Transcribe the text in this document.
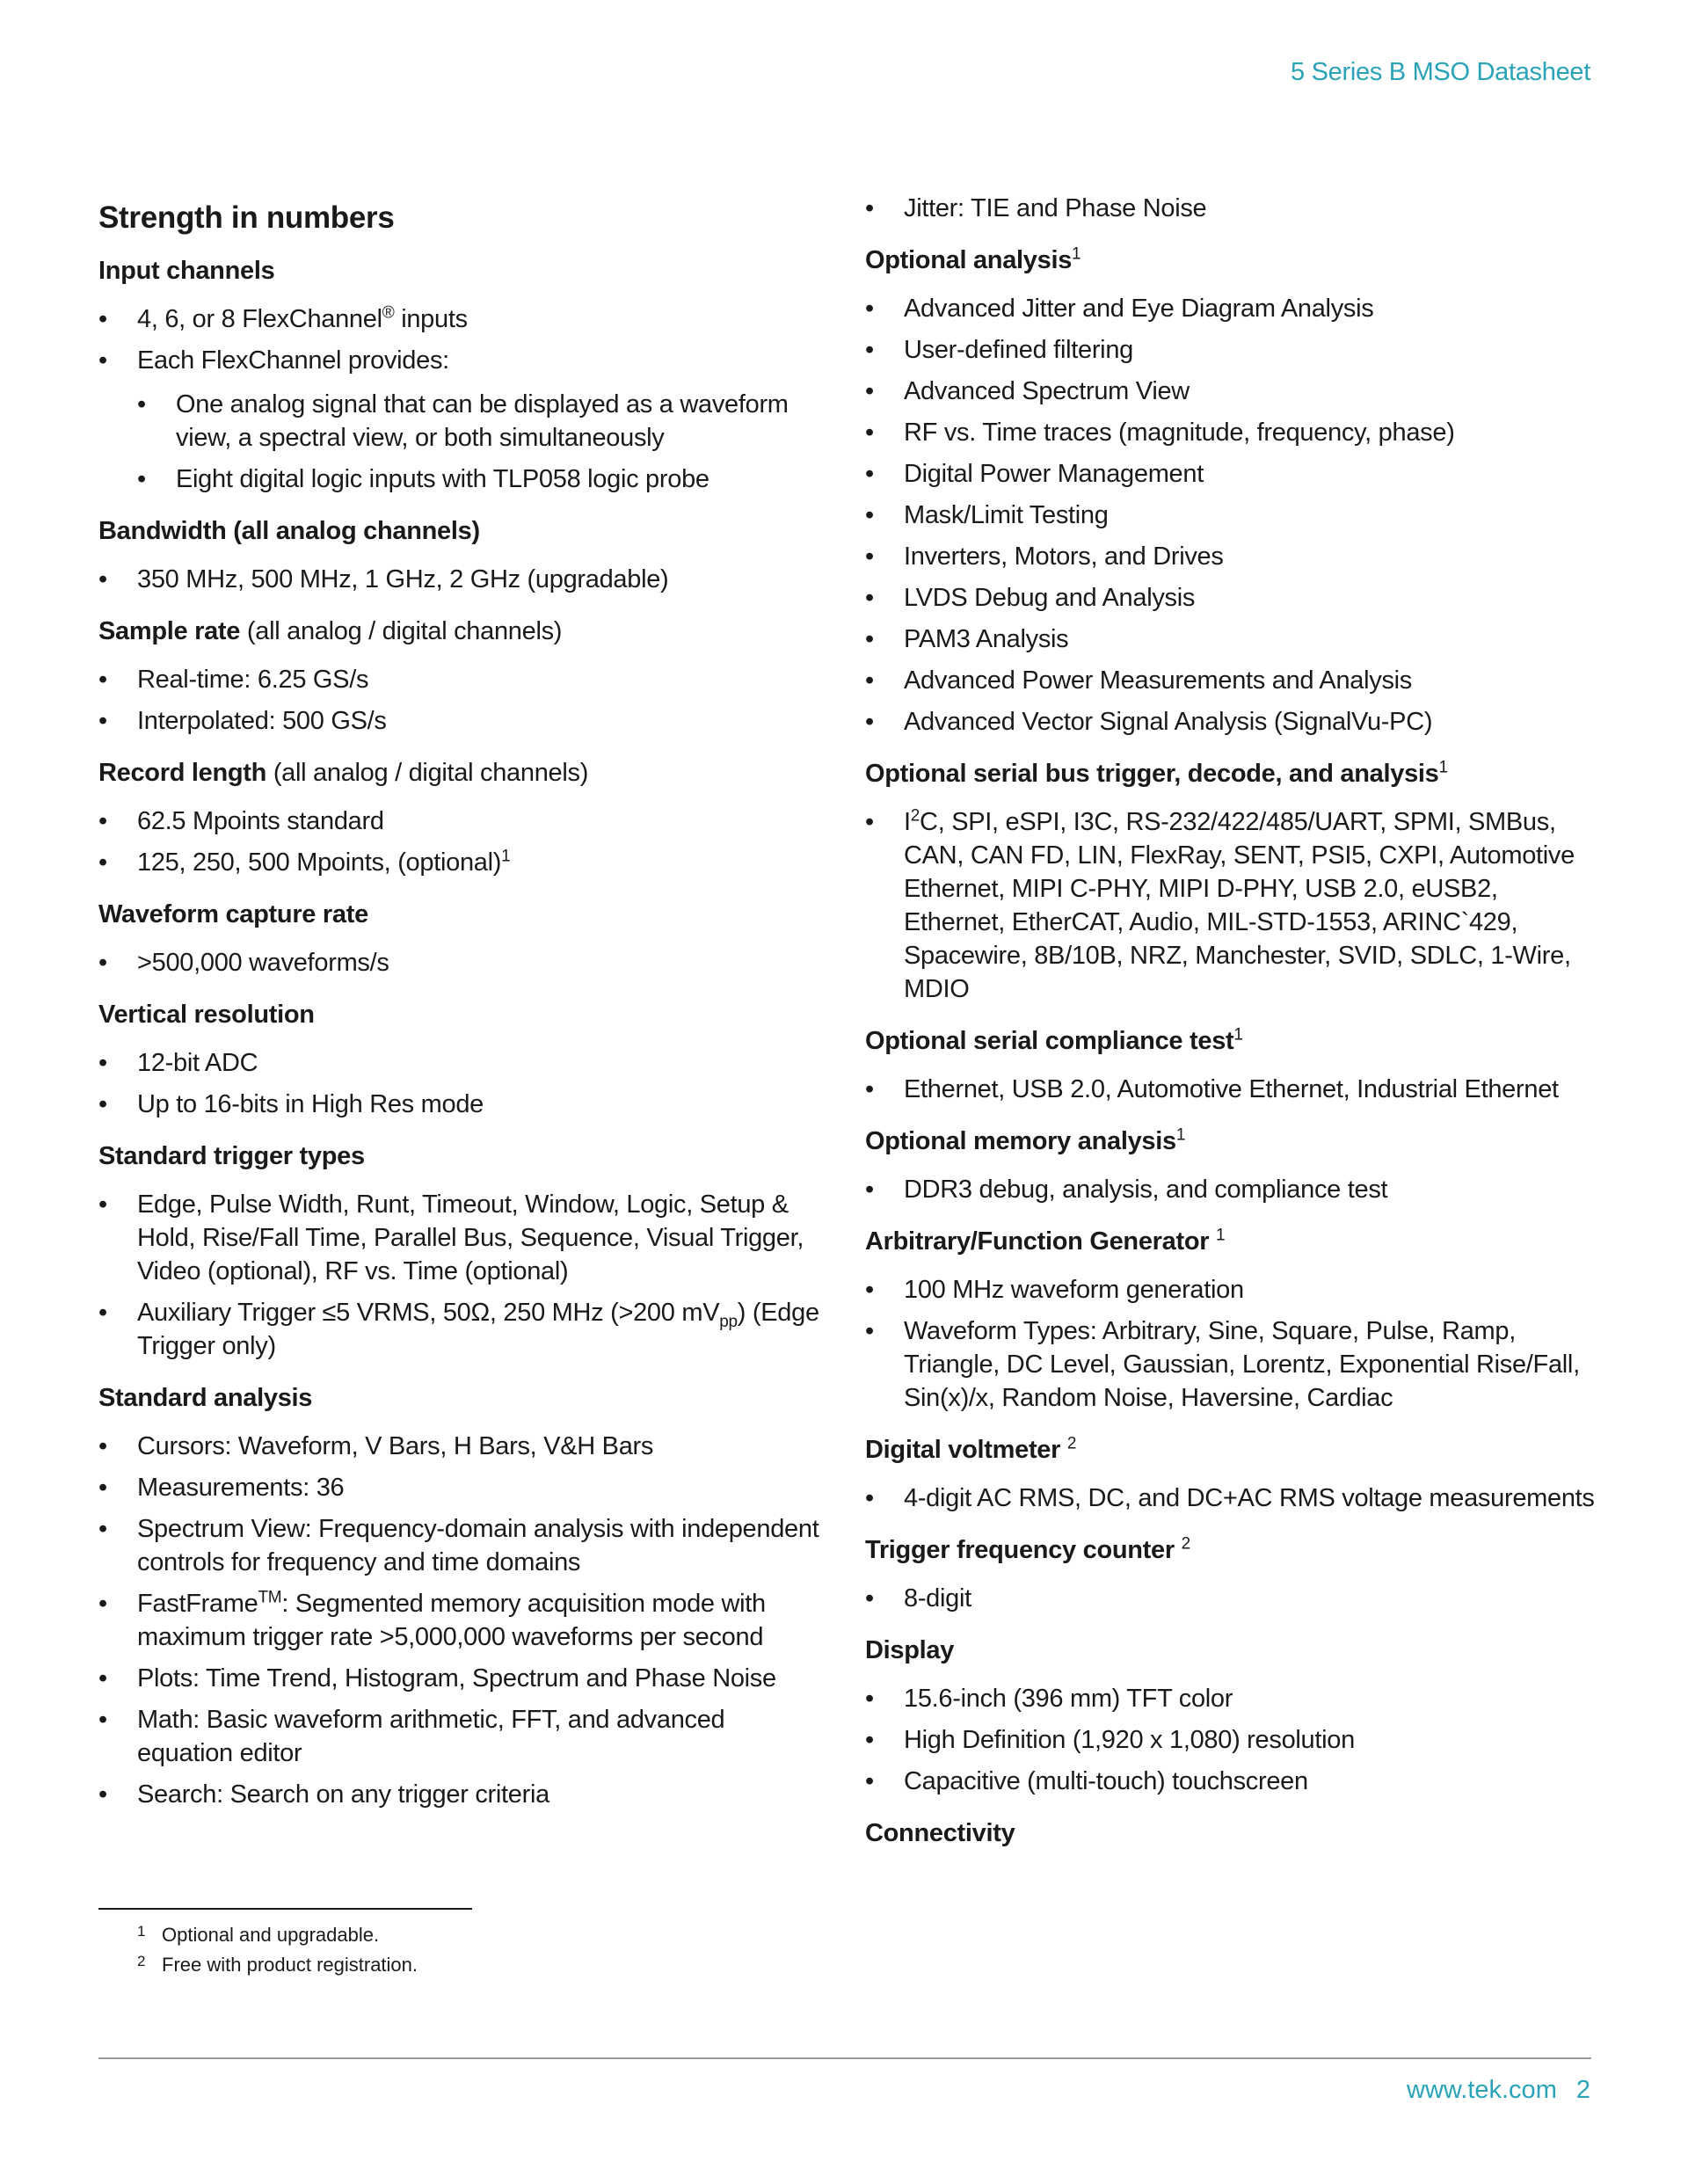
5 Series B MSO Datasheet
Strength in numbers
Input channels
• 4, 6, or 8 FlexChannel® inputs
• Each FlexChannel provides:
• One analog signal that can be displayed as a waveform view, a spectral view, or both simultaneously
• Eight digital logic inputs with TLP058 logic probe
Bandwidth (all analog channels)
• 350 MHz, 500 MHz, 1 GHz, 2 GHz (upgradable)
Sample rate (all analog / digital channels)
• Real-time: 6.25 GS/s
• Interpolated: 500 GS/s
Record length (all analog / digital channels)
• 62.5 Mpoints standard
• 125, 250, 500 Mpoints, (optional)$^1$
Waveform capture rate
• >500,000 waveforms/s
Vertical resolution
• 12-bit ADC
• Up to 16-bits in High Res mode
Standard trigger types
• Edge, Pulse Width, Runt, Timeout, Window, Logic, Setup & Hold, Rise/Fall Time, Parallel Bus, Sequence, Visual Trigger, Video (optional), RF vs. Time (optional)
• Auxiliary Trigger ≤5 VRMS, 50Ω, 250 MHz (>200 $mV_{pp}$) (Edge Trigger only)
Standard analysis
• Cursors: Waveform, V Bars, H Bars, V&H Bars
• Measurements: 36
• Spectrum View: Frequency-domain analysis with independent controls for frequency and time domains
• FastFrame™: Segmented memory acquisition mode with maximum trigger rate >5,000,000 waveforms per second
• Plots: Time Trend, Histogram, Spectrum and Phase Noise
• Math: Basic waveform arithmetic, FFT, and advanced equation editor
• Search: Search on any trigger criteria
• Jitter: TIE and Phase Noise
Optional analysis$^1$
• Advanced Jitter and Eye Diagram Analysis
• User-defined filtering
• Advanced Spectrum View
• RF vs. Time traces (magnitude, frequency, phase)
• Digital Power Management
• Mask/Limit Testing
• Inverters, Motors, and Drives
• LVDS Debug and Analysis
• PAM3 Analysis
• Advanced Power Measurements and Analysis
• Advanced Vector Signal Analysis (SignalVu-PC)
Optional serial bus trigger, decode, and analysis$^1$
• $I^2C$, SPI, eSPI, I3C, RS-232/422/485/UART, SPMI, SMBus, CAN, CAN FD, LIN, FlexRay, SENT, PSI5, CXPI, Automotive Ethernet, MIPI C-PHY, MIPI D-PHY, USB 2.0, eUSB2, Ethernet, EtherCAT, Audio, MIL-STD-1553, ARINC`429, Spacewire, 8B/10B, NRZ, Manchester, SVID, SDLC, 1-Wire, MDIO
Optional serial compliance test$^1$
• Ethernet, USB 2.0, Automotive Ethernet, Industrial Ethernet
Optional memory analysis$^1$
• DDR3 debug, analysis, and compliance test
Arbitrary/Function Generator $^1$
• 100 MHz waveform generation
• Waveform Types: Arbitrary, Sine, Square, Pulse, Ramp, Triangle, DC Level, Gaussian, Lorentz, Exponential Rise/Fall, Sin(x)/x, Random Noise, Haversine, Cardiac
Digital voltmeter $^2$
• 4-digit AC RMS, DC, and DC+AC RMS voltage measurements
Trigger frequency counter $^2$
• 8-digit
Display
• 15.6-inch (396 mm) TFT color
• High Definition (1,920 x 1,080) resolution
• Capacitive (multi-touch) touchscreen
Connectivity
1 Optional and upgradable.
2 Free with product registration.
www.tek.com 2
